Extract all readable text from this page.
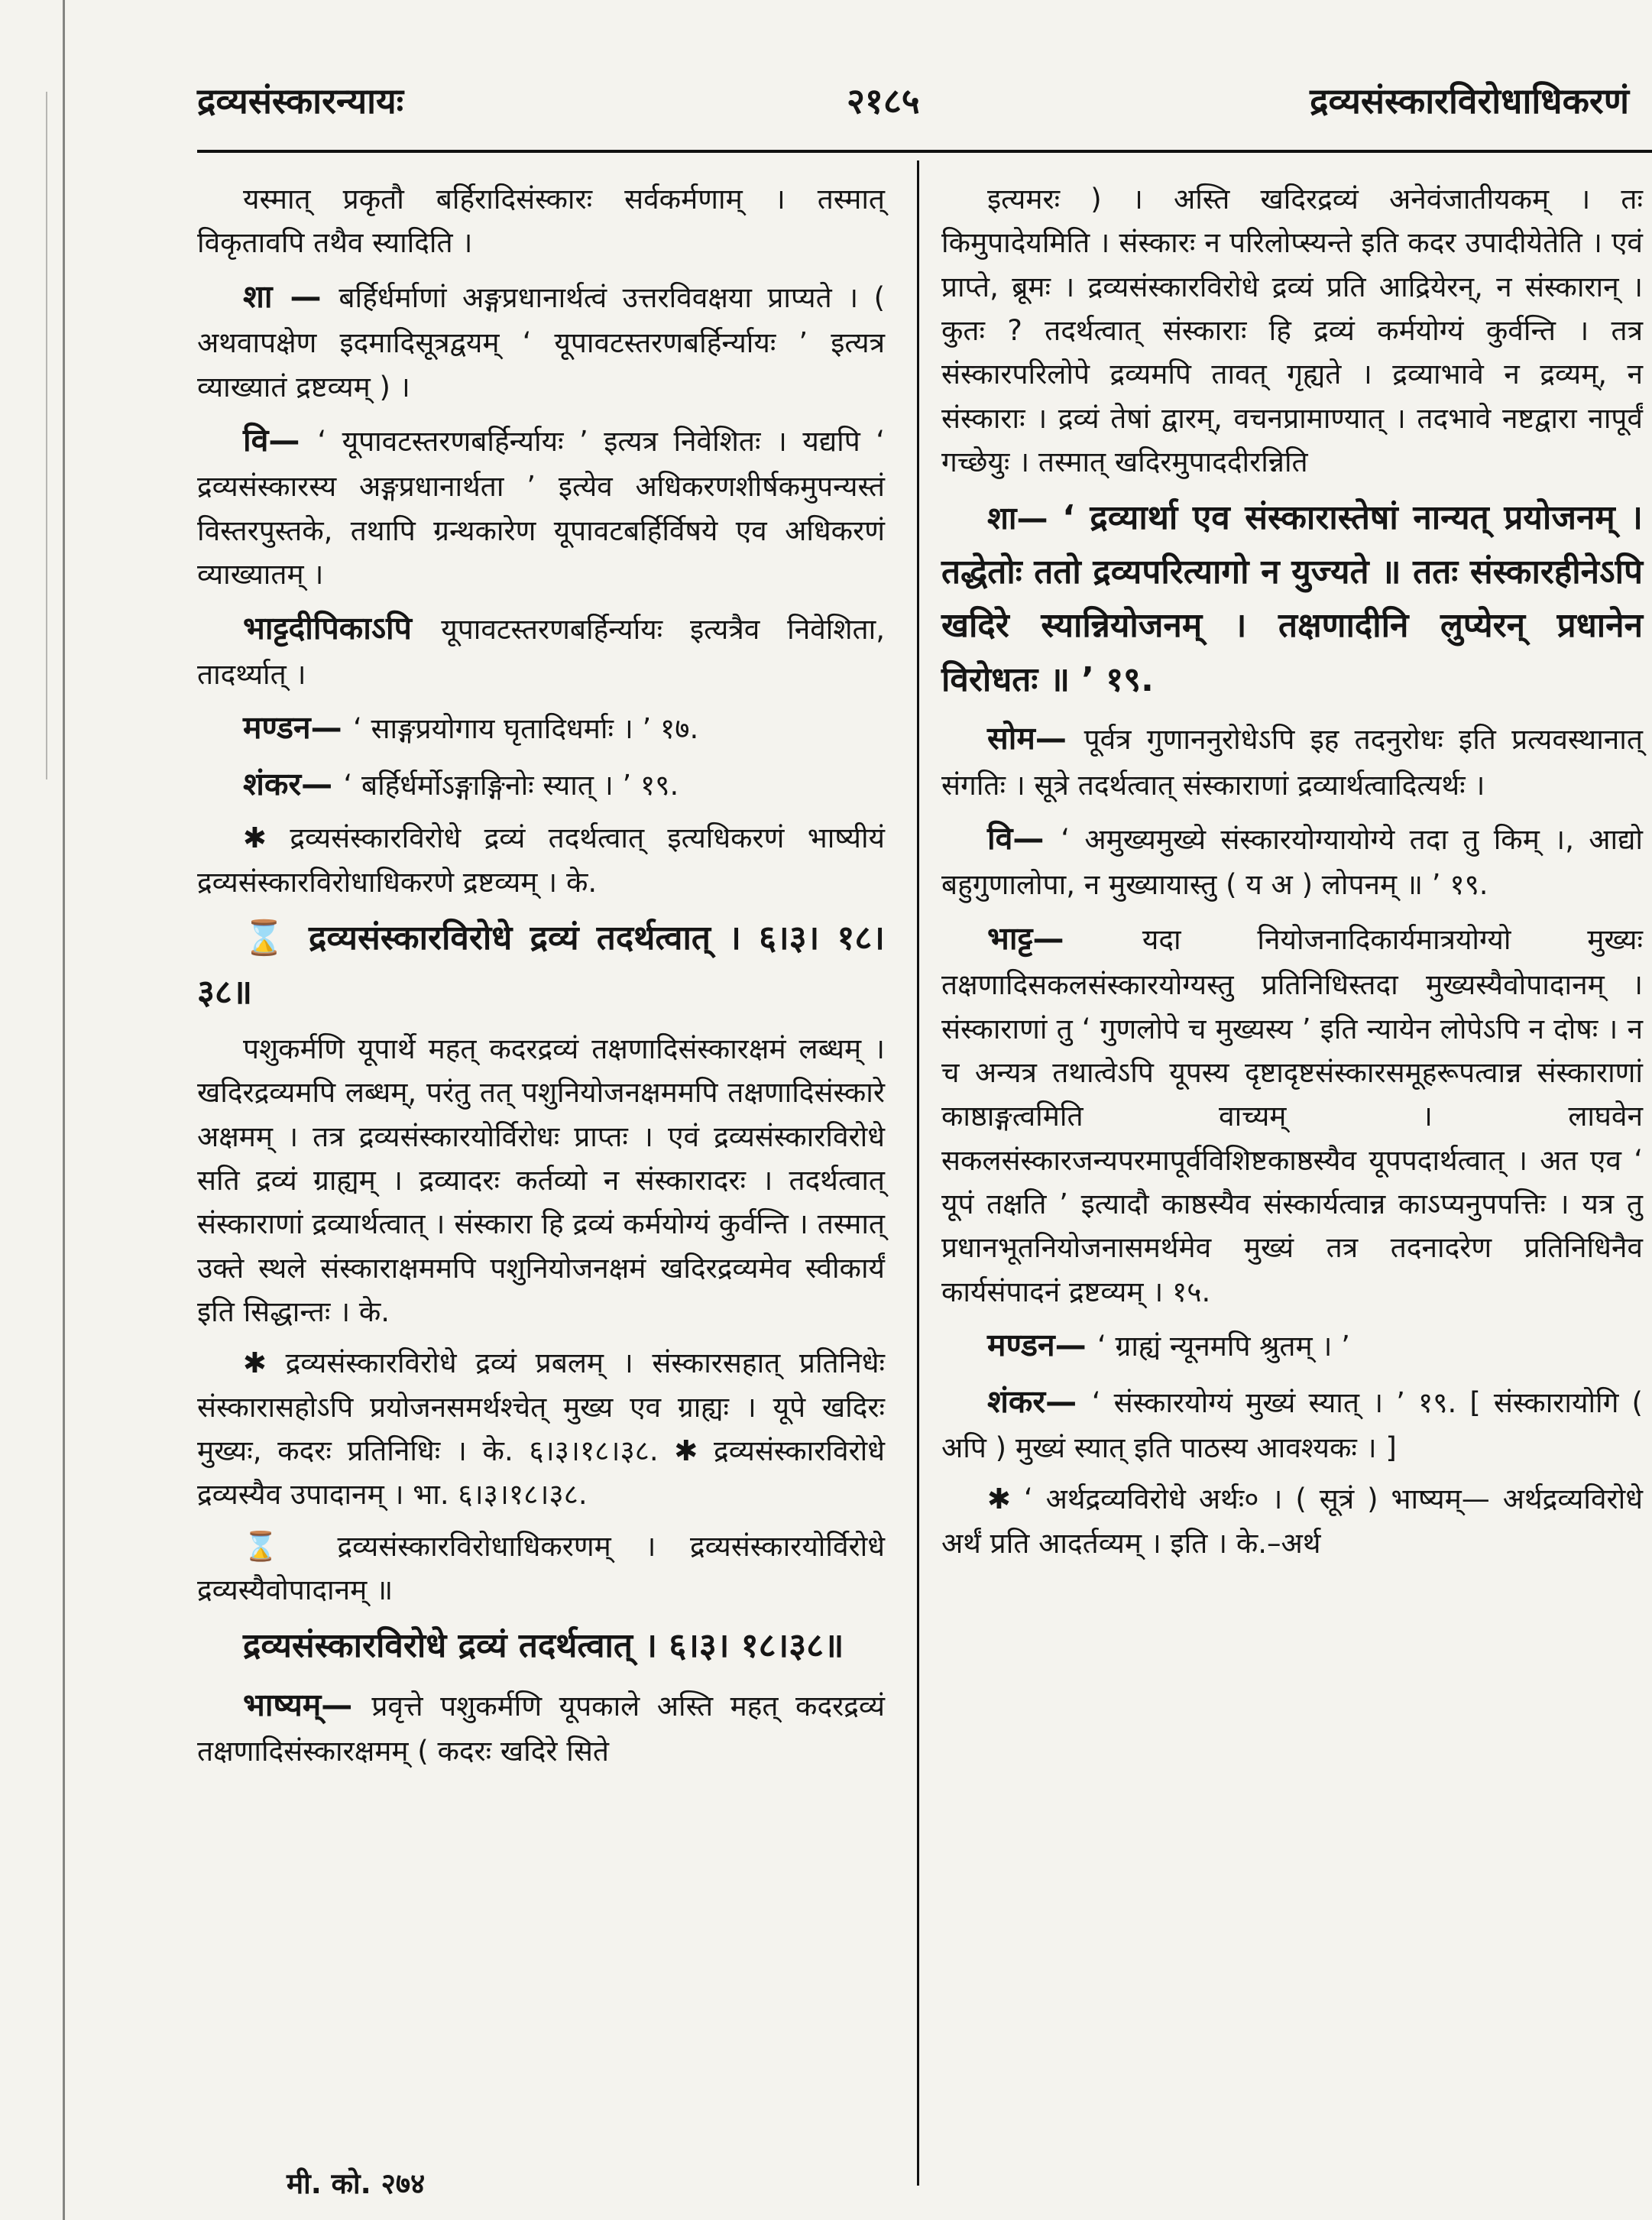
द्रव्यसंस्कारन्यायः	२१८५	द्रव्यसंस्कारविरोधाधिकरणं

यस्मात् प्रकृतौ बर्हिरादिसंस्कारः सर्वकर्मणाम् । तस्मात् विकृतावपि तथैव स्यादिति ।

शा — बर्हिर्धर्माणां अङ्गप्रधानार्थत्वं उत्तरविवक्षया प्राप्यते । ( अथवापक्षेण इदमादिसूत्रद्वयम् ‘ यूपावटस्तरणबर्हिर्न्यायः ’ इत्यत्र व्याख्यातं द्रष्टव्यम् ) ।

वि— ‘ यूपावटस्तरणबर्हिर्न्यायः ’ इत्यत्र निवेशितः । यद्यपि ‘ द्रव्यसंस्कारस्य अङ्गप्रधानार्थता ’ इत्येव अधिकरणशीर्षकमुपन्यस्तं विस्तरपुस्तके, तथापि ग्रन्थकारेण यूपावटबर्हिर्विषये एव अधिकरणं व्याख्यातम् ।

भाट्टदीपिकाऽपि यूपावटस्तरणबर्हिर्न्यायः इत्यत्रैव निवेशिता, तादर्थ्यात् ।

मण्डन— ‘ साङ्गप्रयोगाय घृतादिधर्माः । ’ १७.

शंकर— ‘ बर्हिर्धर्मोऽङ्गाङ्गिनोः स्यात् । ’ १९.

✱ द्रव्यसंस्कारविरोधे द्रव्यं तदर्थत्वात् इत्यधिकरणं भाष्यीयं द्रव्यसंस्कारविरोधाधिकरणे द्रष्टव्यम् । के.

⌛ द्रव्यसंस्कारविरोधे द्रव्यं तदर्थत्वात् । ६।३। १८।३८॥

पशुकर्मणि यूपार्थे महत् कदरद्रव्यं तक्षणादिसंस्कारक्षमं लब्धम् । खदिरद्रव्यमपि लब्धम्, परंतु तत् पशुनियोजनक्षममपि तक्षणादिसंस्कारे अक्षमम् । तत्र द्रव्यसंस्कारयोर्विरोधः प्राप्तः । एवं द्रव्यसंस्कारविरोधे सति द्रव्यं ग्राह्यम् । द्रव्यादरः कर्तव्यो न संस्कारादरः । तदर्थत्वात् संस्काराणां द्रव्यार्थत्वात् । संस्कारा हि द्रव्यं कर्मयोग्यं कुर्वन्ति । तस्मात् उक्ते स्थले संस्काराक्षममपि पशुनियोजनक्षमं खदिरद्रव्यमेव स्वीकार्यं इति सिद्धान्तः । के.

✱ द्रव्यसंस्कारविरोधे द्रव्यं प्रबलम् । संस्कारसहात् प्रतिनिधेः संस्कारासहोऽपि प्रयोजनसमर्थश्चेत् मुख्य एव ग्राह्यः । यूपे खदिरः मुख्यः, कदरः प्रतिनिधिः । के. ६।३।१८।३८. ✱ द्रव्यसंस्कारविरोधे द्रव्यस्यैव उपादानम् । भा. ६।३।१८।३८.

⌛ द्रव्यसंस्कारविरोधाधिकरणम् । द्रव्यसंस्कारयोर्विरोधे द्रव्यस्यैवोपादानम् ॥

द्रव्यसंस्कारविरोधे द्रव्यं तदर्थत्वात् । ६।३। १८।३८॥

भाष्यम्— प्रवृत्ते पशुकर्मणि यूपकाले अस्ति महत् कदरद्रव्यं तक्षणादिसंस्कारक्षमम् ( कदरः खदिरे सिते

इत्यमरः ) । अस्ति खदिरद्रव्यं अनेवंजातीयकम् । तः किमुपादेयमिति । संस्कारः न परिलोप्स्यन्ते इति कदर उपादीयेतेति । एवं प्राप्ते, ब्रूमः । द्रव्यसंस्कारविरोधे द्रव्यं प्रति आद्रियेरन्, न संस्कारान् । कुतः ? तदर्थत्वात् संस्काराः हि द्रव्यं कर्मयोग्यं कुर्वन्ति । तत्र संस्कारपरिलोपे द्रव्यमपि तावत् गृह्यते । द्रव्याभावे न द्रव्यम्, न संस्काराः । द्रव्यं तेषां द्वारम्, वचनप्रामाण्यात् । तदभावे नष्टद्वारा नापूर्वं गच्छेयुः । तस्मात् खदिरमुपाददीरन्निति

शा— ‘ द्रव्यार्था एव संस्कारास्तेषां नान्यत् प्रयोजनम् । तद्धेतोः ततो द्रव्यपरित्यागो न युज्यते ॥ ततः संस्कारहीनेऽपि खदिरे स्यान्नियोजनम् । तक्षणादीनि लुप्येरन् प्रधानेन विरोधतः ॥ ’ १९.

सोम— पूर्वत्र गुणाननुरोधेऽपि इह तदनुरोधः इति प्रत्यवस्थानात् संगतिः । सूत्रे तदर्थत्वात् संस्काराणां द्रव्यार्थत्वादित्यर्थः ।

वि— ‘ अमुख्यमुख्ये संस्कारयोग्यायोग्ये तदा तु किम् ।, आद्यो बहुगुणालोपा, न मुख्यायास्तु ( य अ ) लोपनम् ॥ ’ १९.

भाट्ट— यदा नियोजनादिकार्यमात्रयोग्यो मुख्यः तक्षणादिसकलसंस्कारयोग्यस्तु प्रतिनिधिस्तदा मुख्यस्यैवोपादानम् । संस्काराणां तु ‘ गुणलोपे च मुख्यस्य ’ इति न्यायेन लोपेऽपि न दोषः । न च अन्यत्र तथात्वेऽपि यूपस्य दृष्टादृष्टसंस्कारसमूहरूपत्वान्न संस्काराणां काष्ठाङ्गत्वमिति वाच्यम् । लाघवेन सकलसंस्कारजन्यपरमापूर्वविशिष्टकाष्ठस्यैव यूपपदार्थत्वात् । अत एव ‘ यूपं तक्षति ’ इत्यादौ काष्ठस्यैव संस्कार्यत्वान्न काऽप्यनुपपत्तिः । यत्र तु प्रधानभूतनियोजनासमर्थमेव मुख्यं तत्र तदनादरेण प्रतिनिधिनैव कार्यसंपादनं द्रष्टव्यम् । १५.

मण्डन— ‘ ग्राह्यं न्यूनमपि श्रुतम् । ’

शंकर— ‘ संस्कारयोग्यं मुख्यं स्यात् । ’ १९. [ संस्कारायोगि ( अपि ) मुख्यं स्यात् इति पाठस्य आवश्यकः । ]

✱ ‘ अर्थद्रव्यविरोधे अर्थः० । ( सूत्रं ) भाष्यम्— अर्थद्रव्यविरोधे अर्थं प्रति आदर्तव्यम् । इति । के.–अर्थ

मी. को. २७४
